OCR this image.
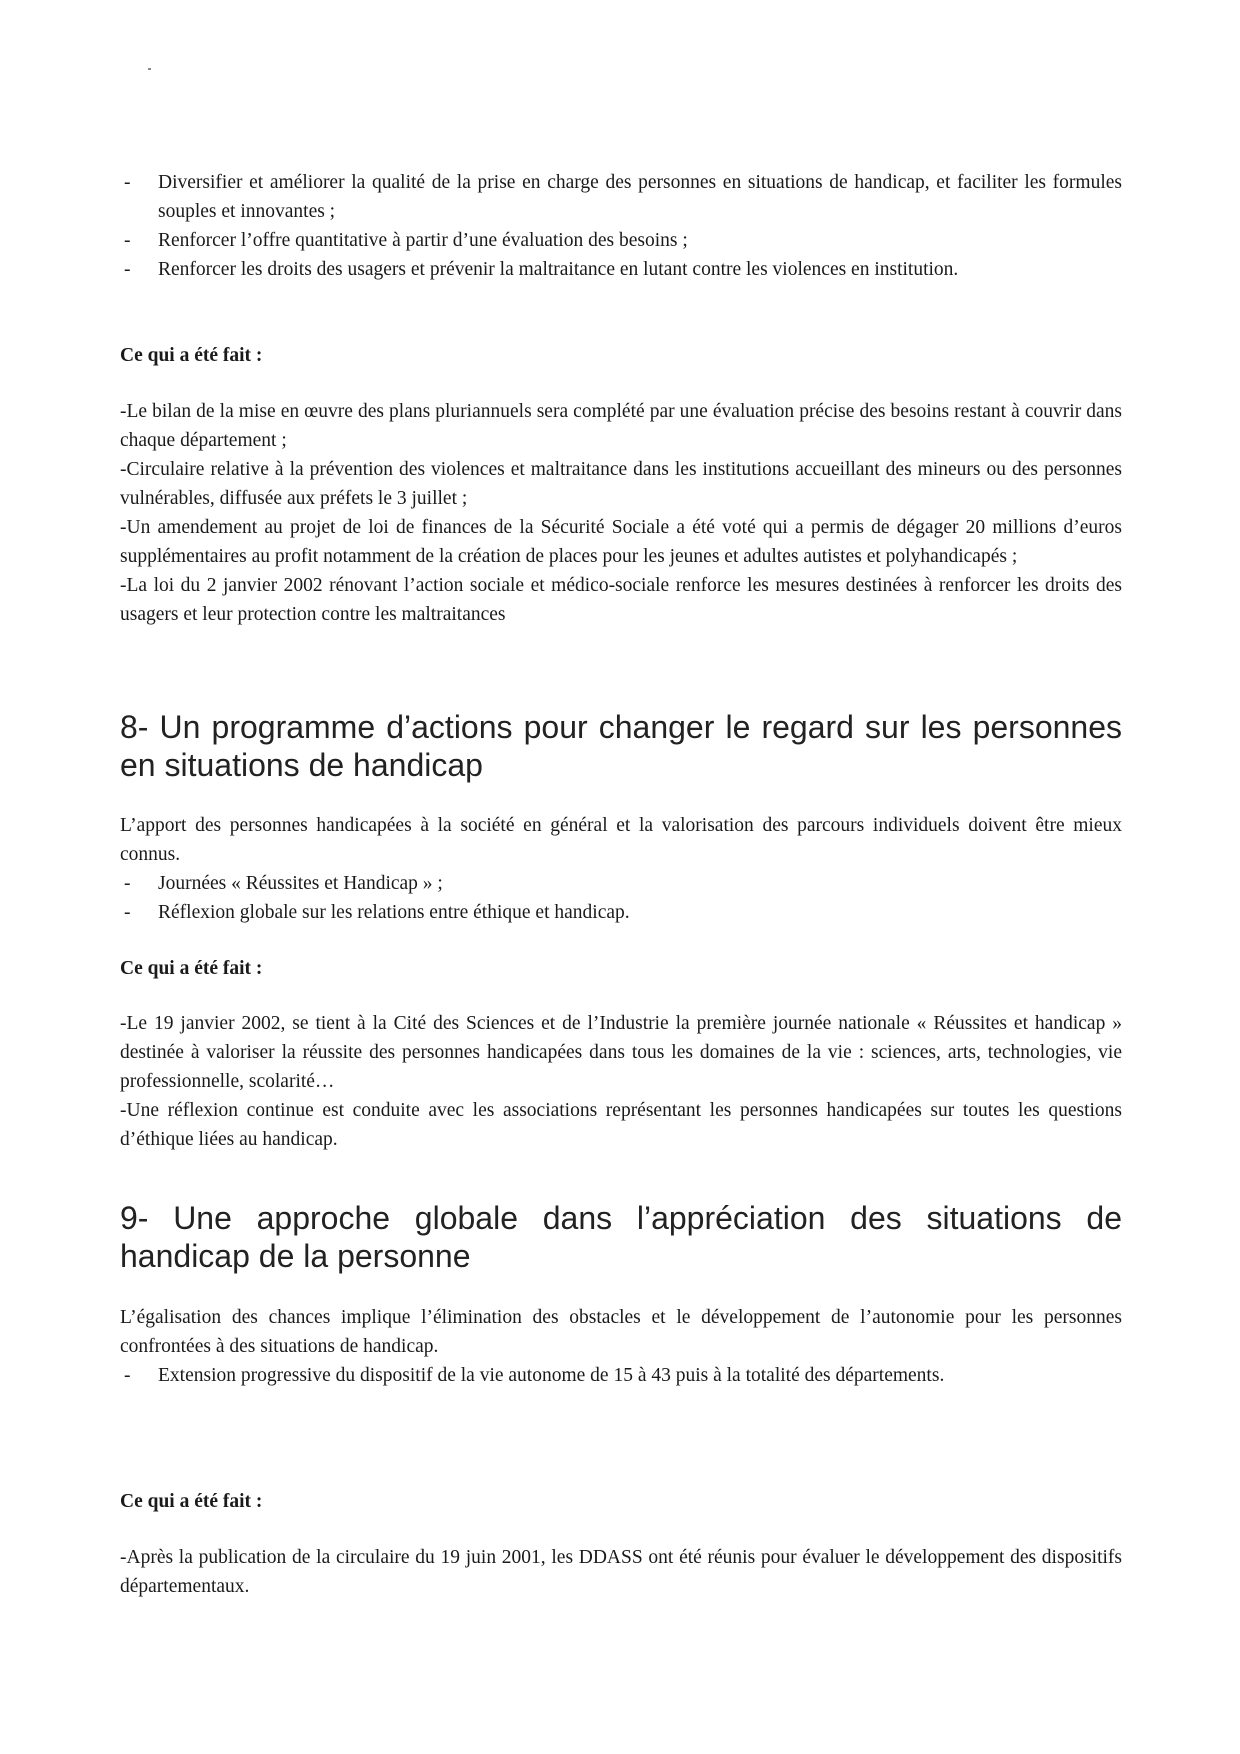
- Diversifier et améliorer la qualité de la prise en charge des personnes en situations de handicap, et faciliter les formules souples et innovantes ;
- Renforcer l’offre quantitative à partir d’une évaluation des besoins ;
- Renforcer les droits des usagers et prévenir la maltraitance en lutant contre les violences en institution.

Ce qui a été fait :

-Le bilan de la mise en œuvre des plans pluriannuels sera complété par une évaluation précise des besoins restant à couvrir dans chaque département ;

-Circulaire relative à la prévention des violences et maltraitance dans les institutions accueillant des mineurs ou des personnes vulnérables, diffusée aux préfets le 3 juillet ;

-Un amendement au projet de loi de finances de la Sécurité Sociale a été voté qui a permis de dégager 20 millions d’euros supplémentaires au profit notamment de la création de places pour les jeunes et adultes autistes et polyhandicapés ;

-La loi du 2 janvier 2002 rénovant l’action sociale et médico-sociale renforce les mesures destinées à renforcer les droits des usagers et leur protection contre les maltraitances

8- Un programme d’actions pour changer le regard sur les personnes en situations de handicap

L’apport des personnes handicapées à la société en général et la valorisation des parcours individuels doivent être mieux connus.

- Journées « Réussites et Handicap » ;
- Réflexion globale sur les relations entre éthique et handicap.

Ce qui a été fait :

-Le 19 janvier 2002, se tient à la Cité des Sciences et de l’Industrie la première journée nationale « Réussites et handicap » destinée à valoriser la réussite des personnes handicapées dans tous les domaines de la vie : sciences, arts, technologies, vie professionnelle, scolarité…

-Une réflexion continue est conduite avec les associations représentant les personnes handicapées sur toutes les questions d’éthique liées au handicap.

9- Une approche globale dans l’appréciation des situations de handicap de la personne

L’égalisation des chances implique l’élimination des obstacles et le développement de l’autonomie pour les personnes confrontées à des situations de handicap.

- Extension progressive du dispositif de la vie autonome de 15 à 43 puis à la totalité des départements.

Ce qui a été fait :

-Après la publication de la circulaire du 19 juin 2001, les DDASS ont été réunis pour évaluer le développement des dispositifs départementaux.
